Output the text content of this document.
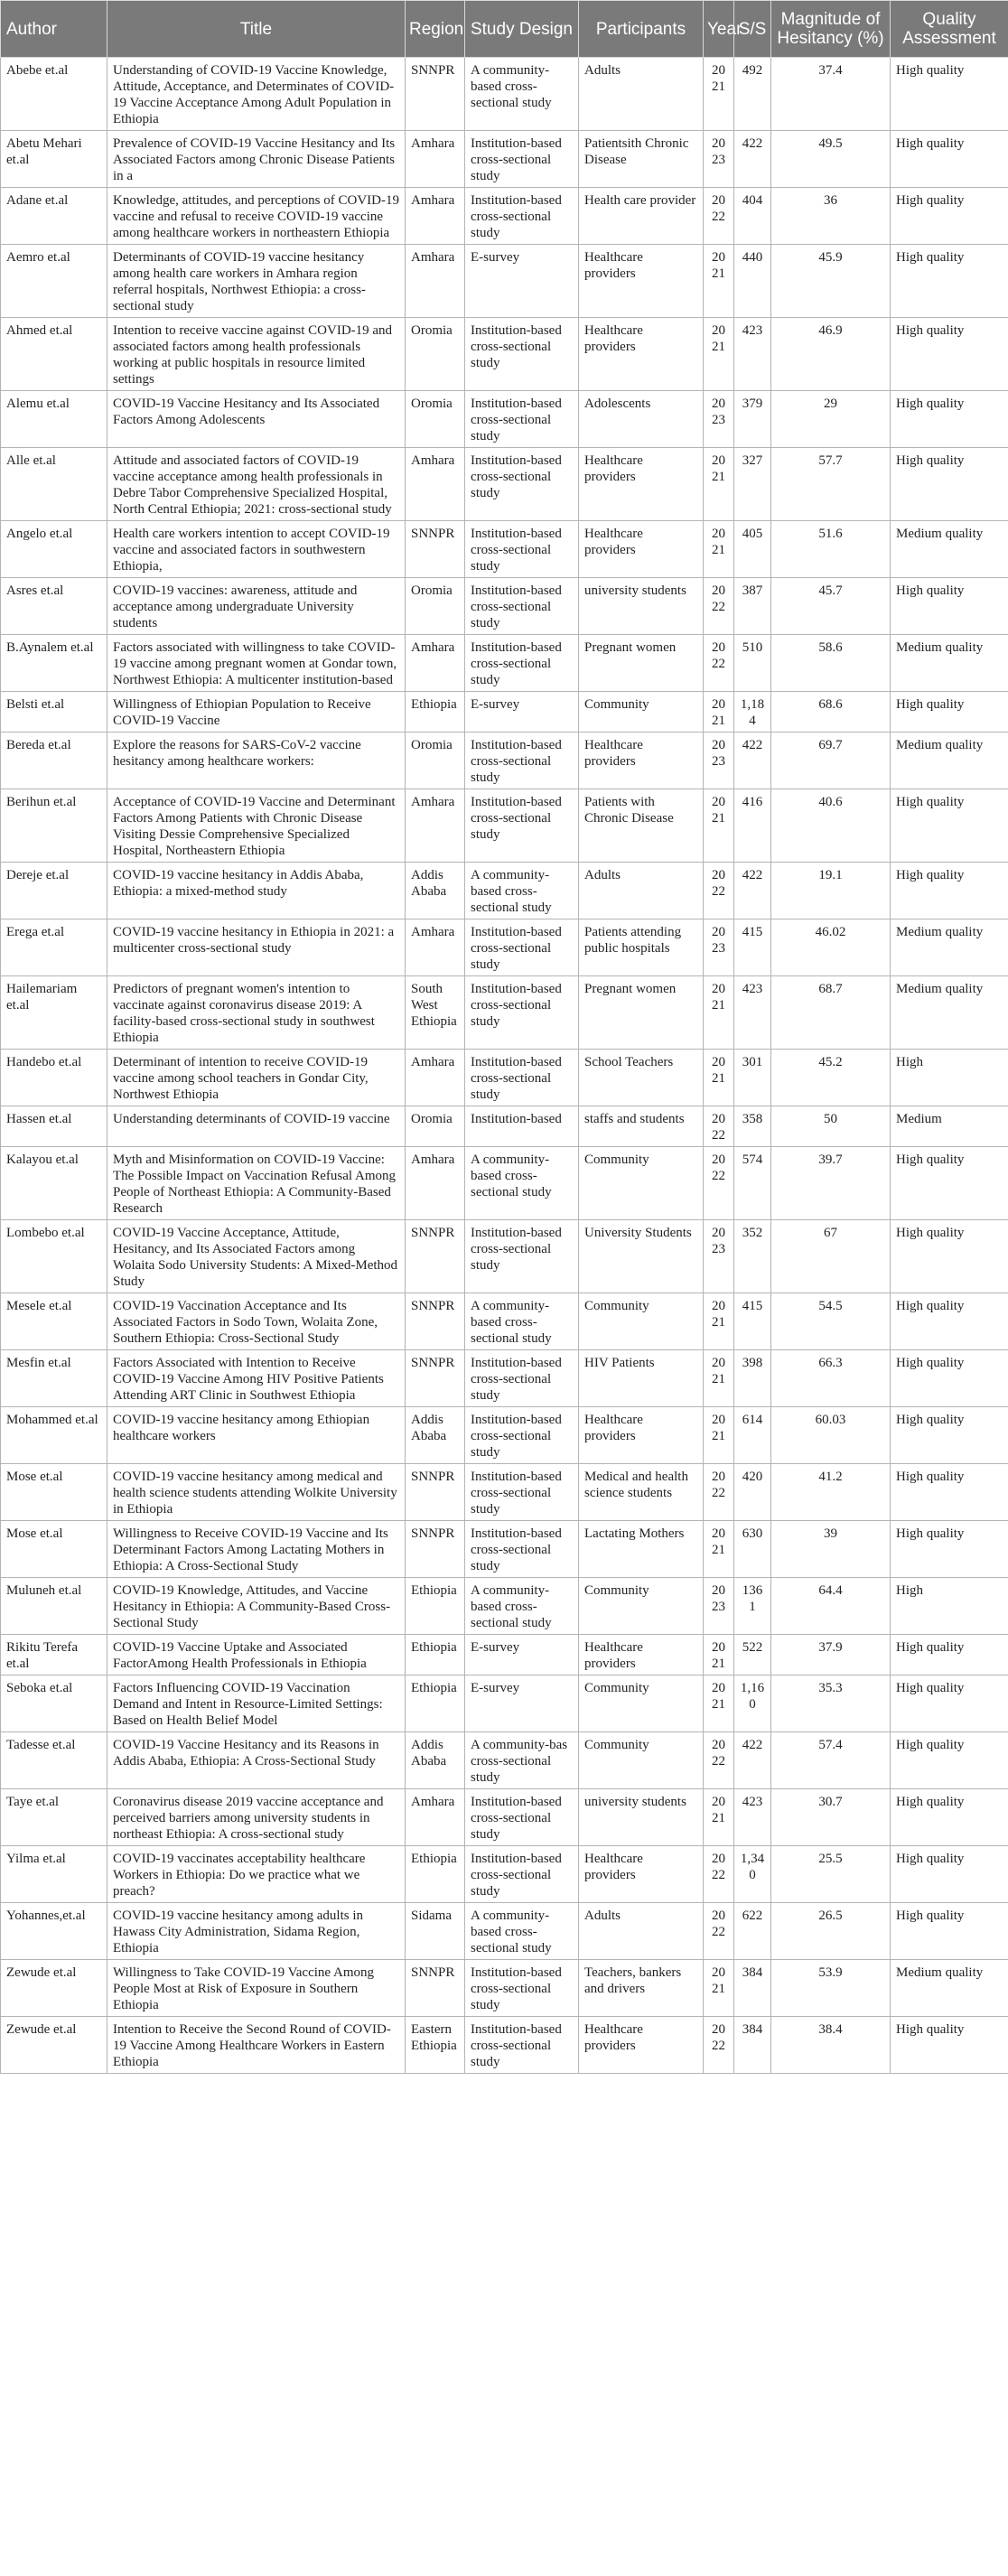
Author	Title	Region	Study Design	Participants	Year	S/S	Magnitude of Hesitancy (%)	Quality Assessment
Abebe et.al	Understanding of COVID-19 Vaccine Knowledge, Attitude, Acceptance, and Determinates of COVID-19 Vaccine Acceptance Among Adult Population in Ethiopia	SNNPR	A community-based cross-sectional study	Adults	2021	492	37.4	High quality
Abetu Mehari et.al	Prevalence of COVID-19 Vaccine Hesitancy and Its Associated Factors among Chronic Disease Patients in a	Amhara	Institution-based cross-sectional study	Patientsith Chronic Disease	2023	422	49.5	High quality
Adane et.al	Knowledge, attitudes, and perceptions of COVID-19 vaccine and refusal to receive COVID-19 vaccine among healthcare workers in northeastern Ethiopia	Amhara	Institution-based cross-sectional study	Health care provider	2022	404	36	High quality
Aemro et.al	Determinants of COVID-19 vaccine hesitancy among health care workers in Amhara region referral hospitals, Northwest Ethiopia: a cross-sectional study	Amhara	E-survey	Healthcare providers	2021	440	45.9	High quality
Ahmed et.al	Intention to receive vaccine against COVID-19 and associated factors among health professionals working at public hospitals in resource limited settings	Oromia	Institution-based cross-sectional study	Healthcare providers	2021	423	46.9	High quality
Alemu et.al	COVID-19 Vaccine Hesitancy and Its Associated Factors Among Adolescents	Oromia	Institution-based cross-sectional study	Adolescents	2023	379	29	High quality
Alle et.al	Attitude and associated factors of COVID-19 vaccine acceptance among health professionals in Debre Tabor Comprehensive Specialized Hospital, North Central Ethiopia; 2021: cross-sectional study	Amhara	Institution-based cross-sectional study	Healthcare providers	2021	327	57.7	High quality
Angelo et.al	Health care workers intention to accept COVID-19 vaccine and associated factors in southwestern Ethiopia,	SNNPR	Institution-based cross-sectional study	Healthcare providers	2021	405	51.6	Medium quality
Asres et.al	COVID-19 vaccines: awareness, attitude and acceptance among undergraduate University students	Oromia	Institution-based cross-sectional study	university students	2022	387	45.7	High quality
B.Aynalem et.al	Factors associated with willingness to take COVID-19 vaccine among pregnant women at Gondar town, Northwest Ethiopia: A multicenter institution-based	Amhara	Institution-based cross-sectional study	Pregnant women	2022	510	58.6	Medium quality
Belsti et.al	Willingness of Ethiopian Population to Receive COVID-19 Vaccine	Ethiopia	E-survey	Community	2021	1,184	68.6	High quality
Bereda et.al	Explore the reasons for SARS-CoV-2 vaccine hesitancy among healthcare workers:	Oromia	Institution-based cross-sectional study	Healthcare providers	2023	422	69.7	Medium quality
Berihun et.al	Acceptance of COVID-19 Vaccine and Determinant Factors Among Patients with Chronic Disease Visiting Dessie Comprehensive Specialized Hospital, Northeastern Ethiopia	Amhara	Institution-based cross-sectional study	Patients with Chronic Disease	2021	416	40.6	High quality
Dereje et.al	COVID-19 vaccine hesitancy in Addis Ababa, Ethiopia: a mixed-method study	Addis Ababa	A community-based cross-sectional study	Adults	2022	422	19.1	High quality
Erega et.al	COVID-19 vaccine hesitancy in Ethiopia in 2021: a multicenter cross-sectional study	Amhara	Institution-based cross-sectional study	Patients attending public hospitals	2023	415	46.02	Medium quality
Hailemariam et.al	Predictors of pregnant women's intention to vaccinate against coronavirus disease 2019: A facility-based cross-sectional study in southwest Ethiopia	South West Ethiopia	Institution-based cross-sectional study	Pregnant women	2021	423	68.7	Medium quality
Handebo et.al	Determinant of intention to receive COVID-19 vaccine among school teachers in Gondar City, Northwest Ethiopia	Amhara	Institution-based cross-sectional study	School Teachers	2021	301	45.2	High
Hassen et.al	Understanding determinants of COVID-19 vaccine	Oromia	Institution-based	staffs and students	2022	358	50	Medium
Kalayou et.al	Myth and Misinformation on COVID-19 Vaccine: The Possible Impact on Vaccination Refusal Among People of Northeast Ethiopia: A Community-Based Research	Amhara	A community-based cross-sectional study	Community	2022	574	39.7	High quality
Lombebo et.al	COVID-19 Vaccine Acceptance, Attitude, Hesitancy, and Its Associated Factors among Wolaita Sodo University Students: A Mixed-Method Study	SNNPR	Institution-based cross-sectional study	University Students	2023	352	67	High quality
Mesele et.al	COVID-19 Vaccination Acceptance and Its Associated Factors in Sodo Town, Wolaita Zone, Southern Ethiopia: Cross-Sectional Study	SNNPR	A community-based cross-sectional study	Community	2021	415	54.5	High quality
Mesfin et.al	Factors Associated with Intention to Receive COVID-19 Vaccine Among HIV Positive Patients Attending ART Clinic in Southwest Ethiopia	SNNPR	Institution-based cross-sectional study	HIV Patients	2021	398	66.3	High quality
Mohammed et.al	COVID-19 vaccine hesitancy among Ethiopian healthcare workers	Addis Ababa	Institution-based cross-sectional study	Healthcare providers	2021	614	60.03	High quality
Mose et.al	COVID-19 vaccine hesitancy among medical and health science students attending Wolkite University in Ethiopia	SNNPR	Institution-based cross-sectional study	Medical and health science students	2022	420	41.2	High quality
Mose et.al	Willingness to Receive COVID-19 Vaccine and Its Determinant Factors Among Lactating Mothers in Ethiopia: A Cross-Sectional Study	SNNPR	Institution-based cross-sectional study	Lactating Mothers	2021	630	39	High quality
Muluneh et.al	COVID-19 Knowledge, Attitudes, and Vaccine Hesitancy in Ethiopia: A Community-Based Cross-Sectional Study	Ethiopia	A community-based cross-sectional study	Community	2023	1361	64.4	High
Rikitu Terefa et.al	COVID-19 Vaccine Uptake and Associated FactorAmong Health Professionals in Ethiopia	Ethiopia	E-survey	Healthcare providers	2021	522	37.9	High quality
Seboka et.al	Factors Influencing COVID-19 Vaccination Demand and Intent in Resource-Limited Settings: Based on Health Belief Model	Ethiopia	E-survey	Community	2021	1,160	35.3	High quality
Tadesse et.al	COVID-19 Vaccine Hesitancy and its Reasons in Addis Ababa, Ethiopia: A Cross-Sectional Study	Addis Ababa	A community-bas cross-sectional study	Community	2022	422	57.4	High quality
Taye et.al	Coronavirus disease 2019 vaccine acceptance and perceived barriers among university students in northeast Ethiopia: A cross-sectional study	Amhara	Institution-based cross-sectional study	university students	2021	423	30.7	High quality
Yilma et.al	COVID-19 vaccinates acceptability healthcare Workers in Ethiopia: Do we practice what we preach?	Ethiopia	Institution-based cross-sectional study	Healthcare providers	2022	1,340	25.5	High quality
Yohannes,et.al	COVID-19 vaccine hesitancy among adults in Hawass City Administration, Sidama Region, Ethiopia	Sidama	A community-based cross-sectional study	Adults	2022	622	26.5	High quality
Zewude et.al	Willingness to Take COVID-19 Vaccine Among People Most at Risk of Exposure in Southern Ethiopia	SNNPR	Institution-based cross-sectional study	Teachers, bankers and drivers	2021	384	53.9	Medium quality
Zewude et.al	Intention to Receive the Second Round of COVID-19 Vaccine Among Healthcare Workers in Eastern Ethiopia	Eastern Ethiopia	Institution-based cross-sectional study	Healthcare providers	2022	384	38.4	High quality
